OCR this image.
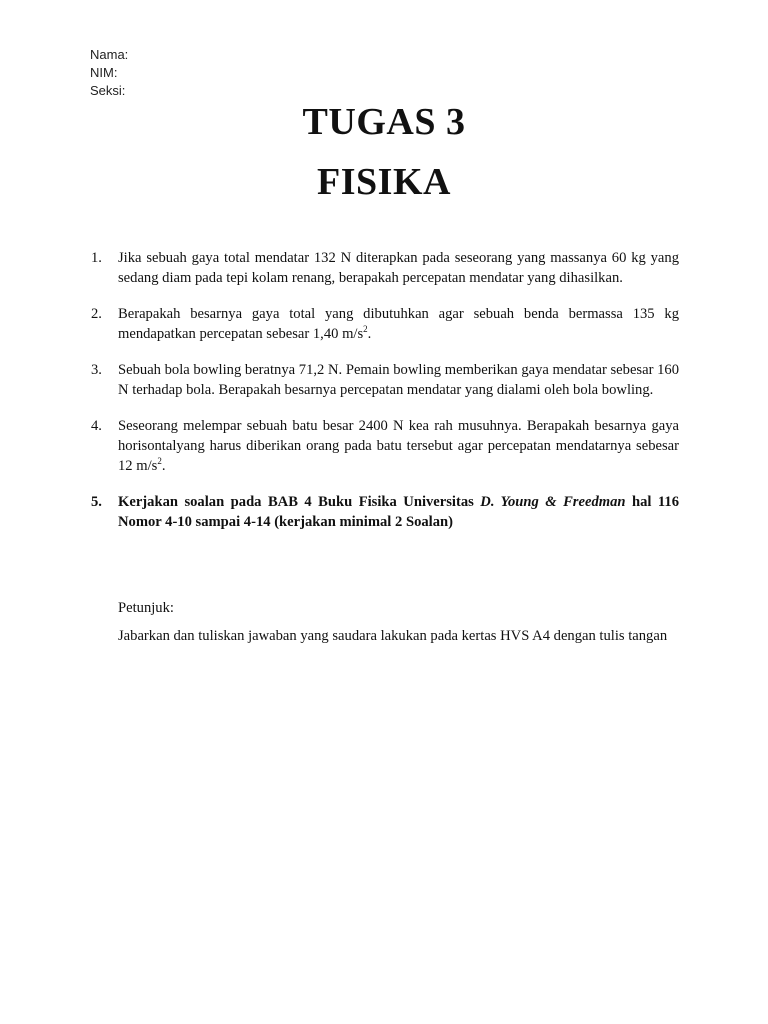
Nama:
NIM:
Seksi:
TUGAS 3
FISIKA
1. Jika sebuah gaya total mendatar 132 N diterapkan pada seseorang yang massanya 60 kg yang sedang diam pada tepi kolam renang, berapakah percepatan mendatar yang dihasilkan.
2. Berapakah besarnya gaya total yang dibutuhkan agar sebuah benda bermassa 135 kg mendapatkan percepatan sebesar 1,40 $m/s^2$.
3. Sebuah bola bowling beratnya 71,2 N. Pemain bowling memberikan gaya mendatar sebesar 160 N terhadap bola. Berapakah besarnya percepatan mendatar yang dialami oleh bola bowling.
4. Seseorang melempar sebuah batu besar 2400 N kea rah musuhnya. Berapakah besarnya gaya horisontalyang harus diberikan orang pada batu tersebut agar percepatan mendatarnya sebesar 12 $m/s^2$.
5. Kerjakan soalan pada BAB 4 Buku Fisika Universitas D. Young & Freedman hal 116 Nomor 4-10 sampai 4-14 (kerjakan minimal 2 Soalan)

Petunjuk:

Jabarkan dan tuliskan jawaban yang saudara lakukan pada kertas HVS A4 dengan tulis tangan
